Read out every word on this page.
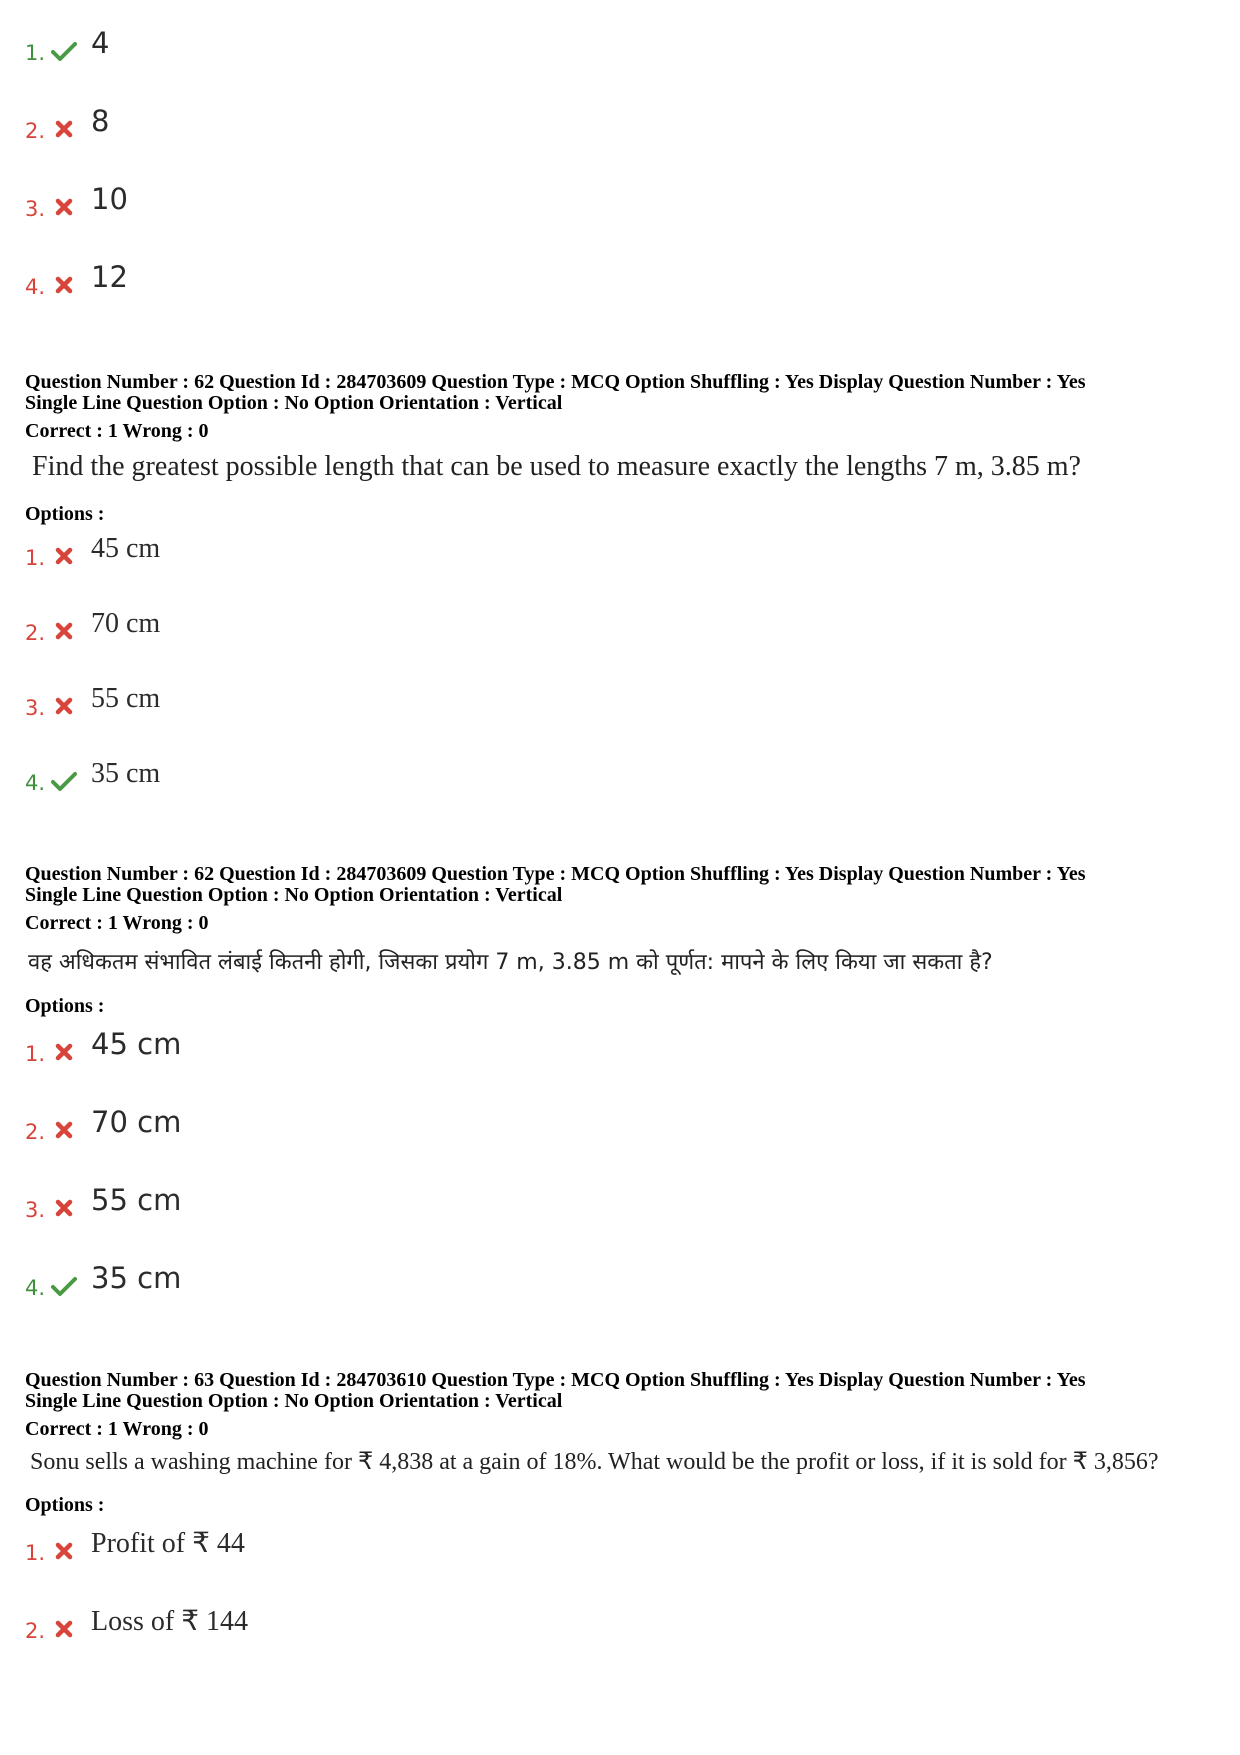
1. 4
2. 8
3. 10
4. 12
Question Number : 62 Question Id : 284703609 Question Type : MCQ Option Shuffling : Yes Display Question Number : Yes
Single Line Question Option : No Option Orientation : Vertical
Correct : 1 Wrong : 0
Find the greatest possible length that can be used to measure exactly the lengths 7 m, 3.85 m?
Options :
1. 45 cm
2. 70 cm
3. 55 cm
4. 35 cm
Question Number : 62 Question Id : 284703609 Question Type : MCQ Option Shuffling : Yes Display Question Number : Yes
Single Line Question Option : No Option Orientation : Vertical
Correct : 1 Wrong : 0
वह अधिकतम संभावित लंबाई कितनी होगी, जिसका प्रयोग 7 m, 3.85 m को पूर्णत: मापने के लिए किया जा सकता है?
Options :
1. 45 cm
2. 70 cm
3. 55 cm
4. 35 cm
Question Number : 63 Question Id : 284703610 Question Type : MCQ Option Shuffling : Yes Display Question Number : Yes
Single Line Question Option : No Option Orientation : Vertical
Correct : 1 Wrong : 0
Sonu sells a washing machine for ₹ 4,838 at a gain of 18%. What would be the profit or loss, if it is sold for ₹ 3,856?
Options :
1. Profit of ₹ 44
2. Loss of ₹ 144
